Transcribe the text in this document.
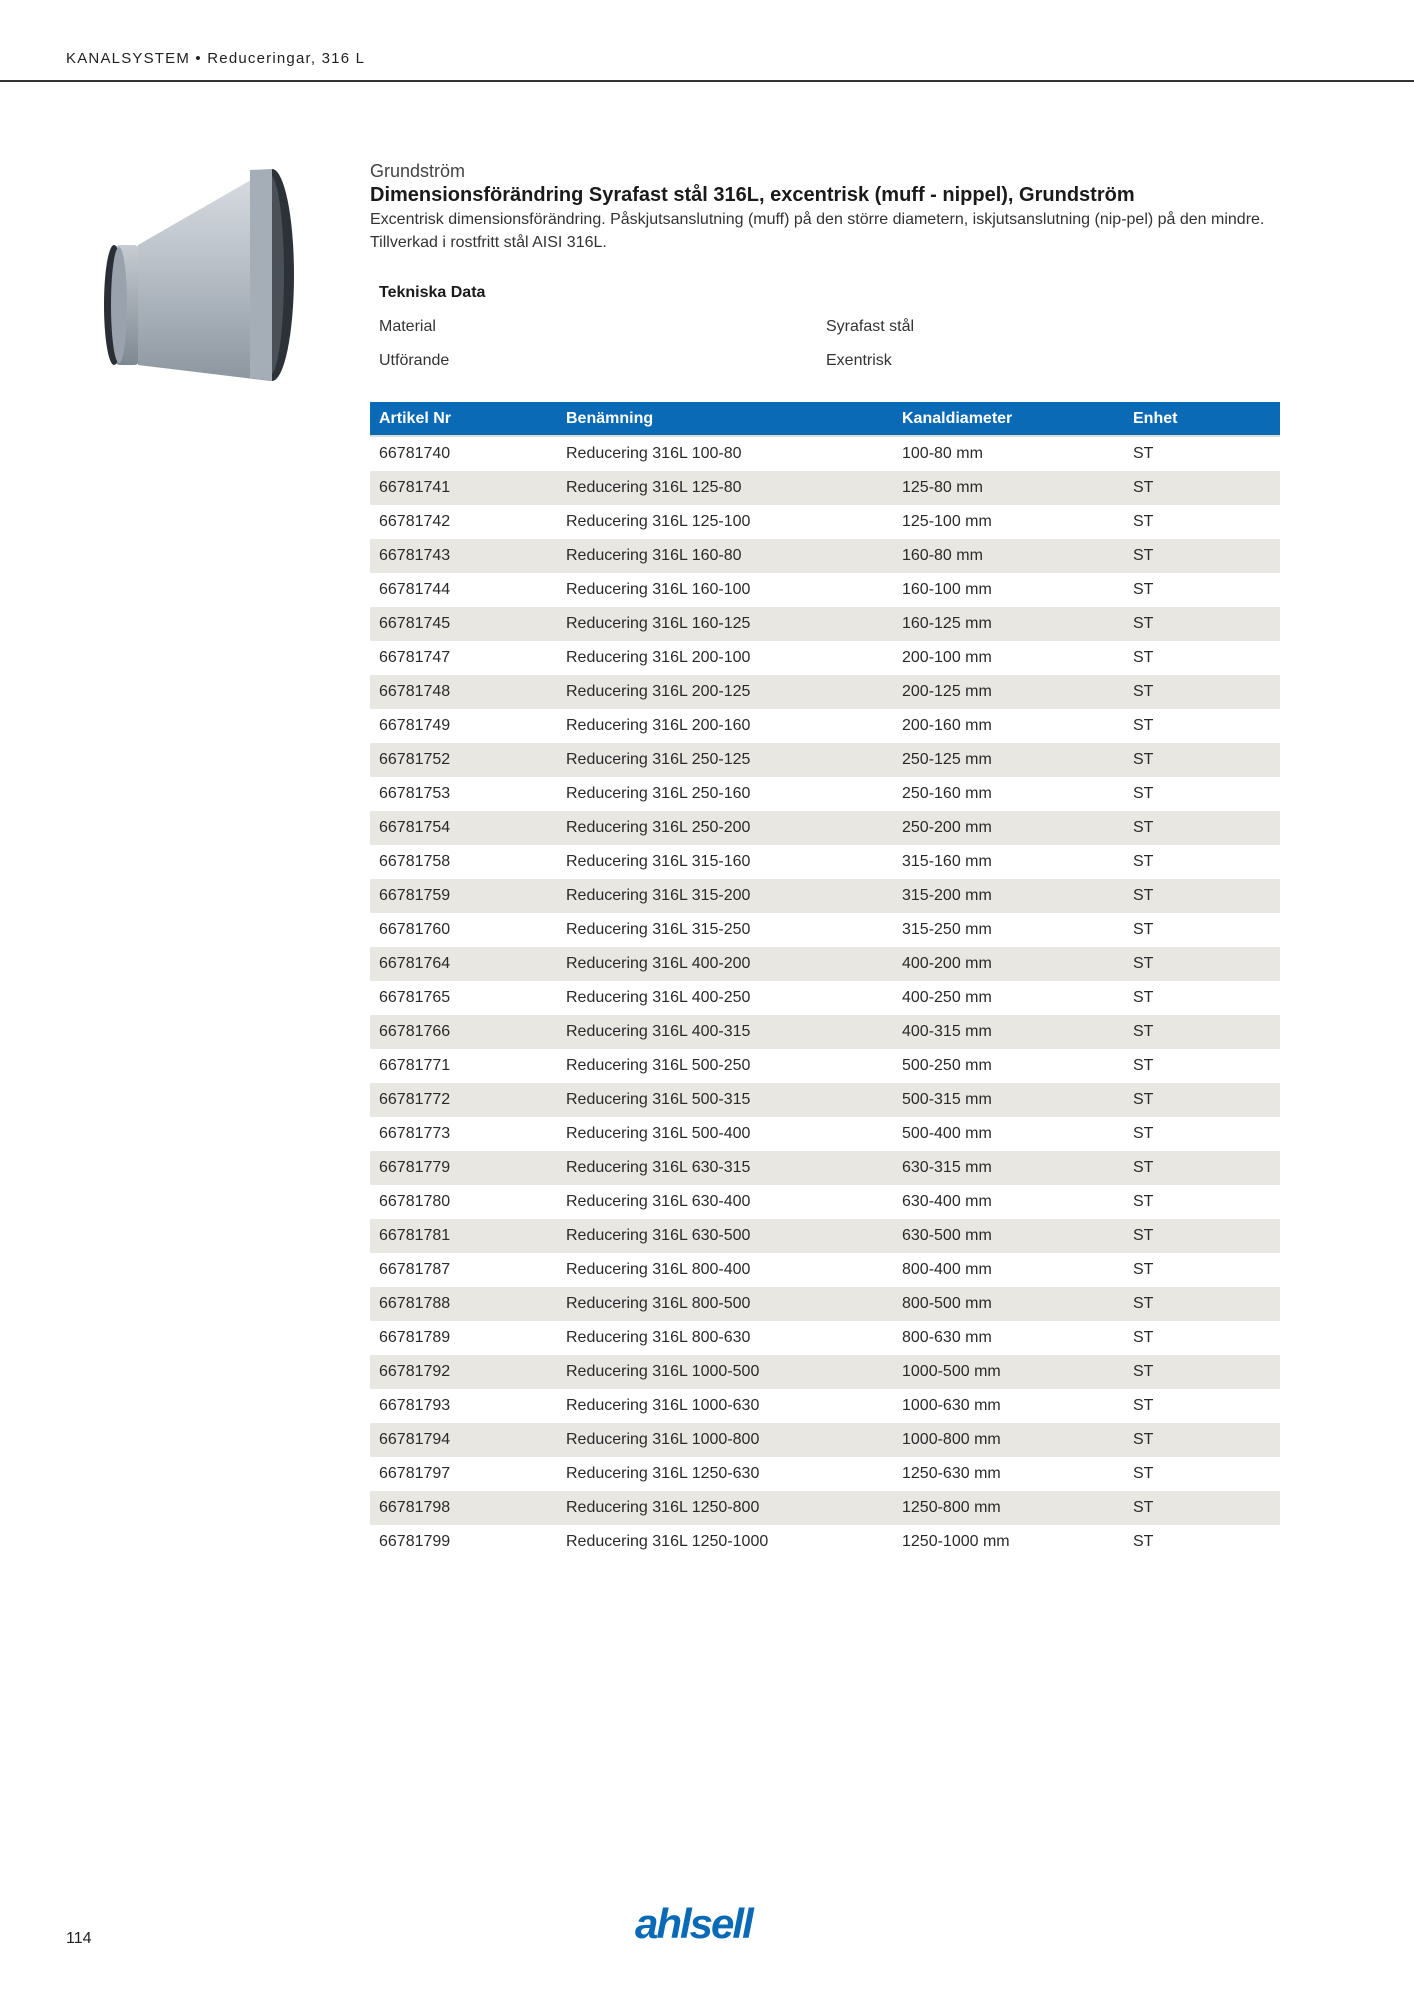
KANALSYSTEM • Reduceringar, 316 L

Grundström

Dimensionsförändring Syrafast stål 316L, excentrisk (muff - nippel), Grundström

Excentrisk dimensionsförändring. Påskjutsanslutning (muff) på den större diametern, iskjutsanslutning (nip-pel) på den mindre. Tillverkad i rostfritt stål AISI 316L.

Tekniska Data
Material	Syrafast stål
Utförande	Exentrisk
Artikel Nr	Benämning	Kanaldiameter	Enhet
66781740	Reducering 316L 100-80	100-80 mm	ST
66781741	Reducering 316L 125-80	125-80 mm	ST
66781742	Reducering 316L 125-100	125-100 mm	ST
66781743	Reducering 316L 160-80	160-80 mm	ST
66781744	Reducering 316L 160-100	160-100 mm	ST
66781745	Reducering 316L 160-125	160-125 mm	ST
66781747	Reducering 316L 200-100	200-100 mm	ST
66781748	Reducering 316L 200-125	200-125 mm	ST
66781749	Reducering 316L 200-160	200-160 mm	ST
66781752	Reducering 316L 250-125	250-125 mm	ST
66781753	Reducering 316L 250-160	250-160 mm	ST
66781754	Reducering 316L 250-200	250-200 mm	ST
66781758	Reducering 316L 315-160	315-160 mm	ST
66781759	Reducering 316L 315-200	315-200 mm	ST
66781760	Reducering 316L 315-250	315-250 mm	ST
66781764	Reducering 316L 400-200	400-200 mm	ST
66781765	Reducering 316L 400-250	400-250 mm	ST
66781766	Reducering 316L 400-315	400-315 mm	ST
66781771	Reducering 316L 500-250	500-250 mm	ST
66781772	Reducering 316L 500-315	500-315 mm	ST
66781773	Reducering 316L 500-400	500-400 mm	ST
66781779	Reducering 316L 630-315	630-315 mm	ST
66781780	Reducering 316L 630-400	630-400 mm	ST
66781781	Reducering 316L 630-500	630-500 mm	ST
66781787	Reducering 316L 800-400	800-400 mm	ST
66781788	Reducering 316L 800-500	800-500 mm	ST
66781789	Reducering 316L 800-630	800-630 mm	ST
66781792	Reducering 316L 1000-500	1000-500 mm	ST
66781793	Reducering 316L 1000-630	1000-630 mm	ST
66781794	Reducering 316L 1000-800	1000-800 mm	ST
66781797	Reducering 316L 1250-630	1250-630 mm	ST
66781798	Reducering 316L 1250-800	1250-800 mm	ST
66781799	Reducering 316L 1250-1000	1250-1000 mm	ST
114	ahlsell
